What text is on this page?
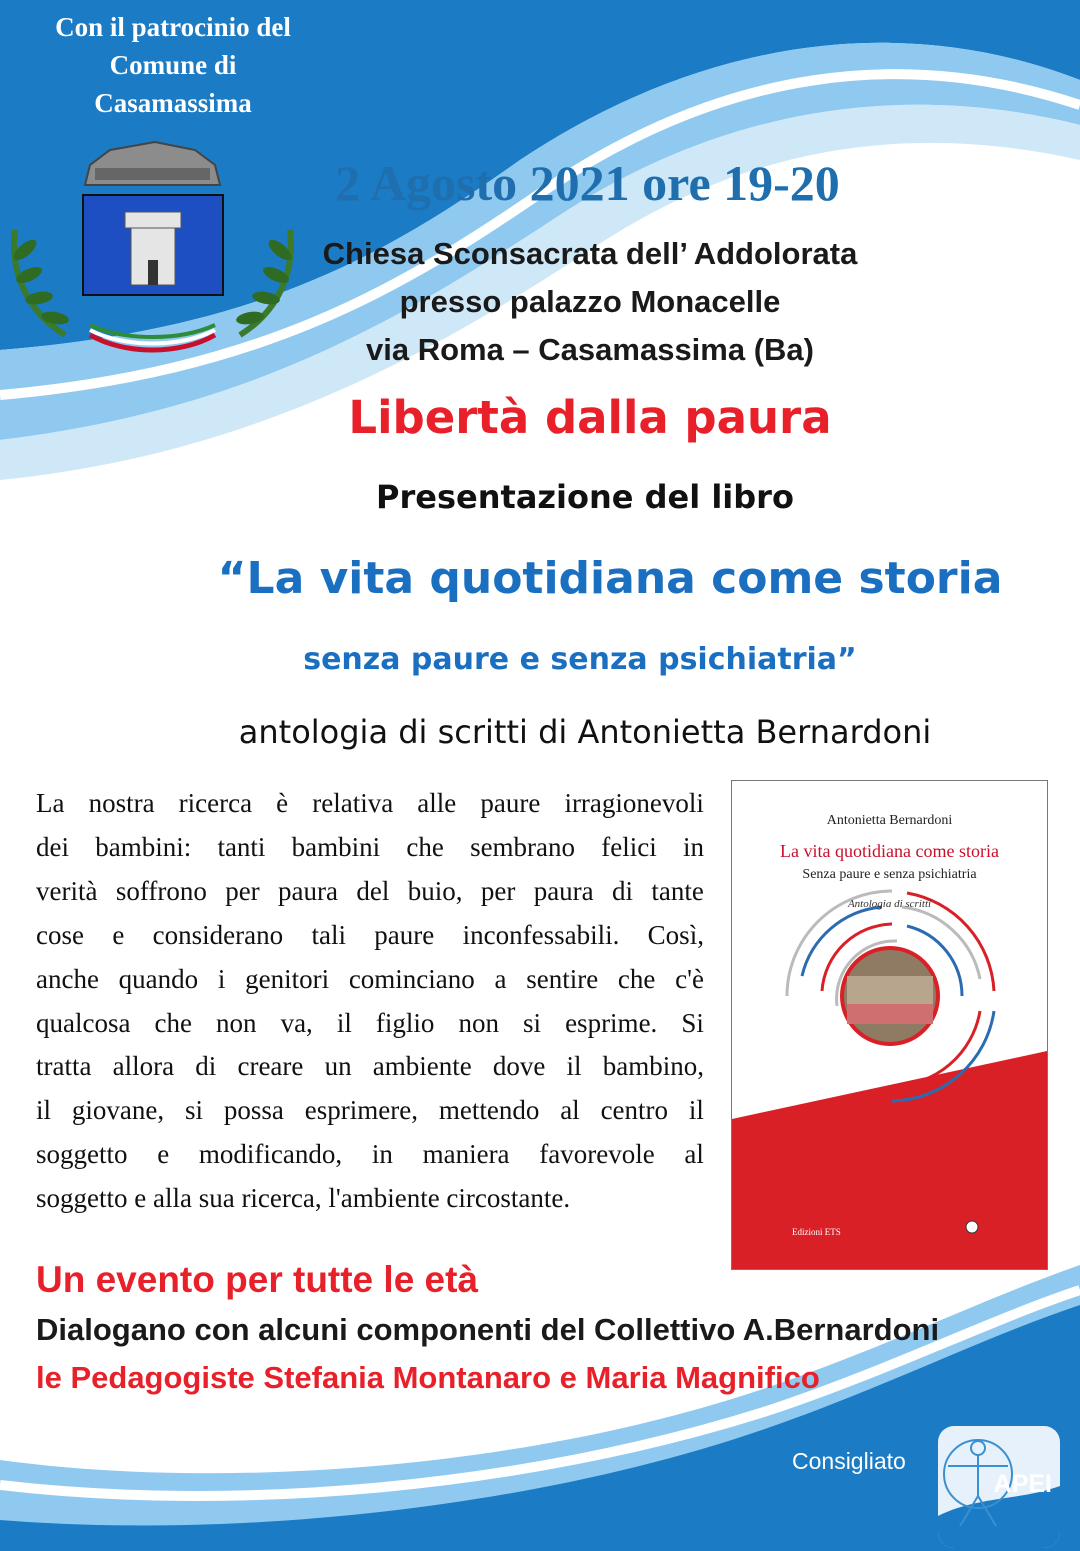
Con il patrocinio del
Comune di
Casamassima
2 Agosto 2021 ore 19-20
Chiesa Sconsacrata dell’ Addolorata
presso palazzo Monacelle
via Roma – Casamassima (Ba)
Libertà dalla paura
Presentazione del libro
“La vita quotidiana come storia
senza paure e senza psichiatria”
antologia di scritti di Antonietta Bernardoni
La nostra ricerca è relativa alle paure irragionevoli
dei bambini: tanti bambini che sembrano felici in
verità soffrono per paura del buio, per paura di tante
cose e considerano tali paure inconfessabili. Così,
anche quando i genitori cominciano a sentire che c'è
qualcosa che non va, il figlio non si esprime. Si
tratta allora di creare un ambiente dove il bambino,
il giovane, si possa esprimere, mettendo al centro il
soggetto e modificando, in maniera favorevole al
soggetto e alla sua ricerca, l'ambiente circostante.
Antonietta Bernardoni
La vita quotidiana come storia
Senza paure e senza psichiatria
Antologia di scritti
Edizioni ETS
Un evento per tutte le età
Dialogano con alcuni componenti del Collettivo A.Bernardoni
le Pedagogiste Stefania Montanaro e Maria Magnifico
Consigliato
APEI
